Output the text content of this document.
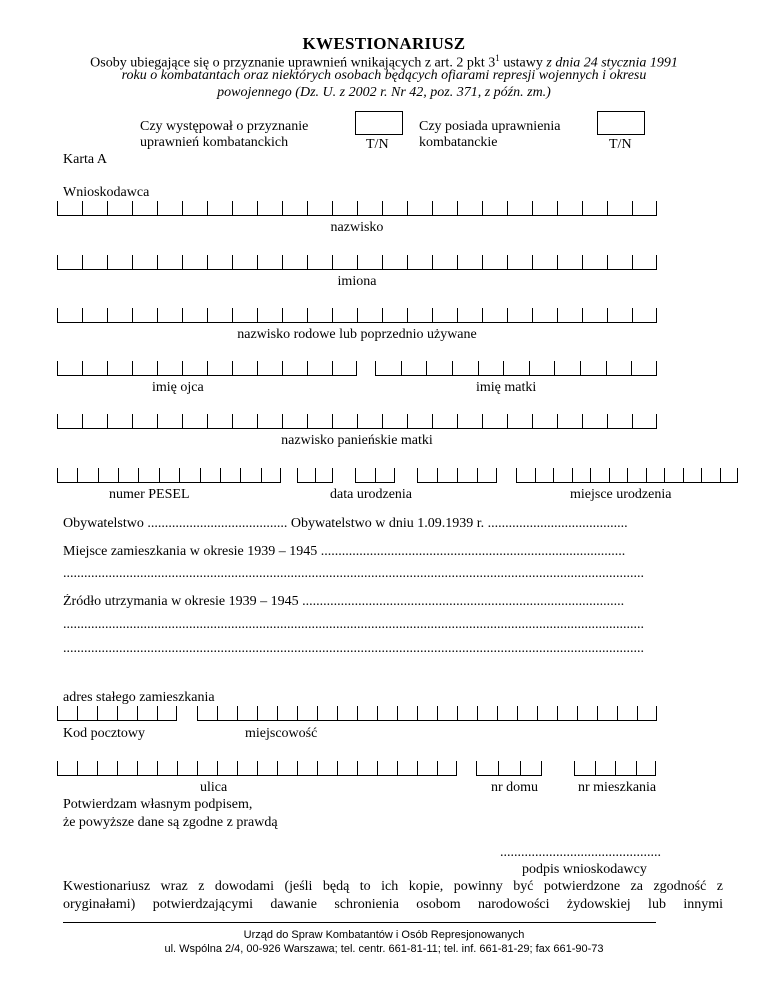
KWESTIONARIUSZ
Osoby ubiegające się o przyznanie uprawnień wnikających z art. 2 pkt $3^1$ ustawy z dnia 24 stycznia 1991
roku o kombatantach oraz niektórych osobach będących ofiarami represji wojennych i okresu
powojennego (Dz. U. z 2002 r. Nr 42, poz. 371, z późn. zm.)
Czy występował o przyznanie
uprawnień kombatanckich	T/N
Czy posiada uprawnienia
kombatanckie	T/N
Karta A
Wnioskodawca
nazwisko
imiona
nazwisko rodowe lub poprzednio używane
imię ojca	imię matki
nazwisko panieńskie matki
numer PESEL	data urodzenia	miejsce urodzenia
Obywatelstwo ........................................ Obywatelstwo w dniu 1.09.1939 r. ........................................
Miejsce zamieszkania w okresie 1939 – 1945 .......................................................................................
......................................................................................................................................................................
Źródło utrzymania w okresie 1939 – 1945 ............................................................................................
......................................................................................................................................................................
......................................................................................................................................................................
adres stałego zamieszkania
Kod pocztowy	miejscowość
ulica	nr domu	nr mieszkania
Potwierdzam własnym podpisem,
że powyższe dane są zgodne z prawdą
..............................................
podpis wnioskodawcy
Kwestionariusz wraz z dowodami (jeśli będą to ich kopie, powinny być potwierdzone za zgodność z
oryginałami) potwierdzającymi dawanie schronienia osobom narodowości żydowskiej lub innymi
Urząd do Spraw Kombatantów i Osób Represjonowanych
ul. Wspólna 2/4, 00-926 Warszawa; tel. centr. 661-81-11; tel. inf. 661-81-29; fax 661-90-73
